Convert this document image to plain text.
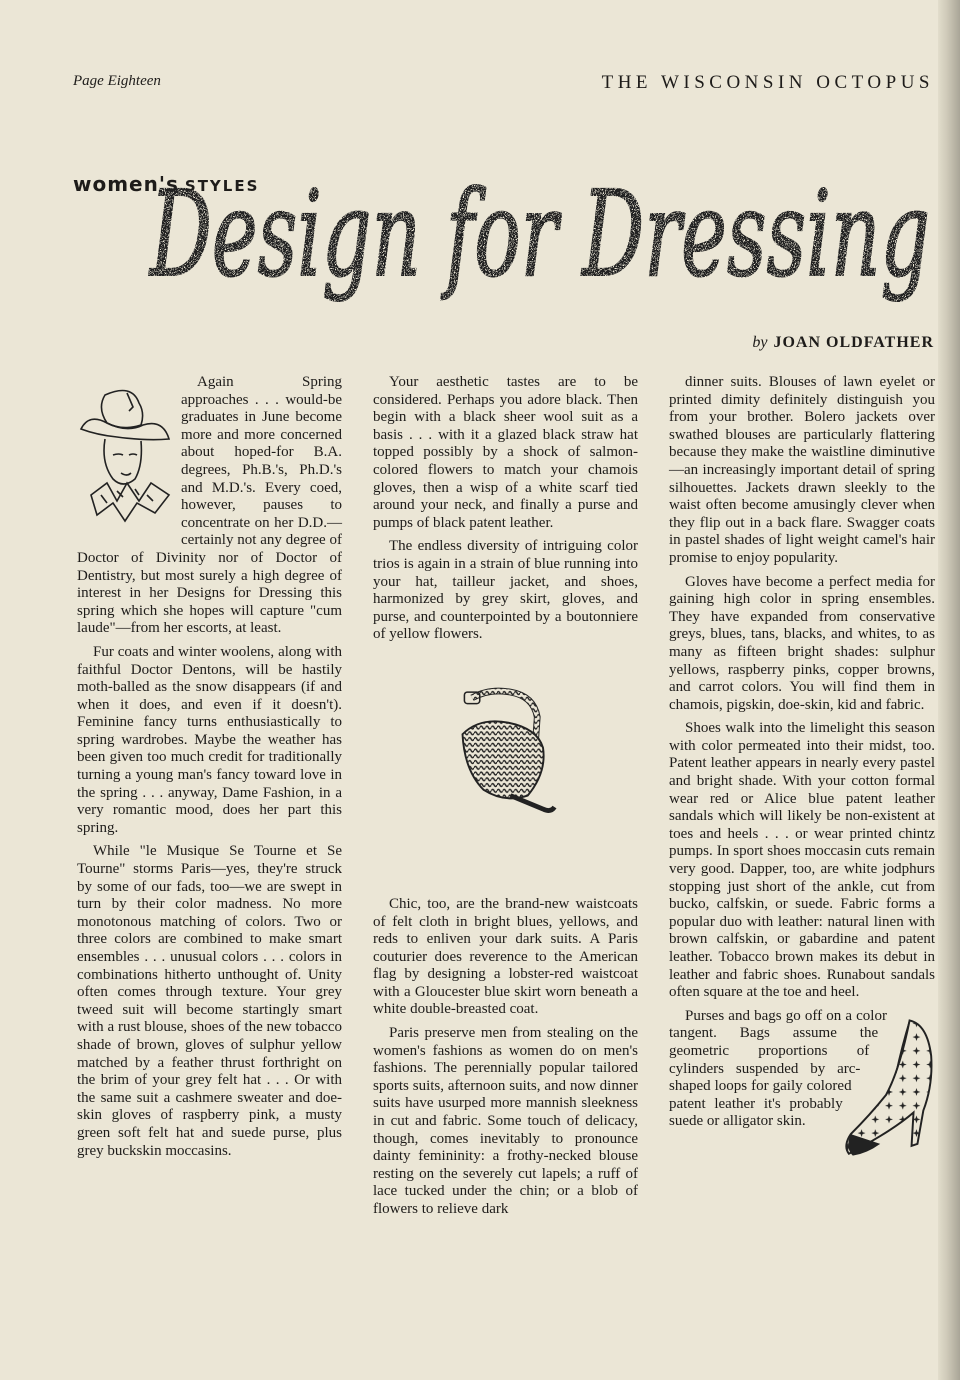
Page Eighteen	THE WISCONSIN OCTOPUS
women's STYLES
Design for Dressing
by JOAN OLDFATHER

Again Spring approaches . . . would-be graduates in June become more and more concerned about hoped-for B.A. degrees, Ph.B.'s, Ph.D.'s and M.D.'s. Every coed, however, pauses to concentrate on her D.D.—certainly not any degree of Doctor of Divinity nor of Doctor of Dentistry, but most surely a high degree of interest in her Designs for Dressing this spring which she hopes will capture "cum laude"—from her escorts, at least.

Fur coats and winter woolens, along with faithful Doctor Dentons, will be hastily moth-balled as the snow disappears (if and when it does, and even if it doesn't). Feminine fancy turns enthusiastically to spring wardrobes. Maybe the weather has been given too much credit for traditionally turning a young man's fancy toward love in the spring . . . anyway, Dame Fashion, in a very romantic mood, does her part this spring.

While "le Musique Se Tourne et Se Tourne" storms Paris—yes, they're struck by some of our fads, too—we are swept in turn by their color madness. No more monotonous matching of colors. Two or three colors are combined to make smart ensembles . . . unusual colors . . . colors in combinations hitherto unthought of. Unity often comes through texture. Your grey tweed suit will become startingly smart with a rust blouse, shoes of the new tobacco shade of brown, gloves of sulphur yellow matched by a feather thrust forthright on the brim of your grey felt hat . . . Or with the same suit a cashmere sweater and doe-skin gloves of raspberry pink, a musty green soft felt hat and suede purse, plus grey buckskin moccasins.

Your aesthetic tastes are to be considered. Perhaps you adore black. Then begin with a black sheer wool suit as a basis . . . with it a glazed black straw hat topped possibly by a shock of salmon-colored flowers to match your chamois gloves, then a wisp of a white scarf tied around your neck, and finally a purse and pumps of black patent leather.

The endless diversity of intriguing color trios is again in a strain of blue running into your hat, tailleur jacket, and shoes, harmonized by grey skirt, gloves, and purse, and counterpointed by a boutonniere of yellow flowers.

Chic, too, are the brand-new waistcoats of felt cloth in bright blues, yellows, and reds to enliven your dark suits. A Paris couturier does reverence to the American flag by designing a lobster-red waistcoat with a Gloucester blue skirt worn beneath a white double-breasted coat.

Paris preserve men from stealing on the women's fashions as women do on men's fashions. The perennially popular tailored sports suits, afternoon suits, and now dinner suits have usurped more mannish sleekness in cut and fabric. Some touch of delicacy, though, comes inevitably to pronounce dainty femininity: a frothy-necked blouse resting on the severely cut lapels; a ruff of lace tucked under the chin; or a blob of flowers to relieve dark

dinner suits. Blouses of lawn eyelet or printed dimity definitely distinguish you from your brother. Bolero jackets over swathed blouses are particularly flattering because they make the waistline diminutive —an increasingly important detail of spring silhouettes. Jackets drawn sleekly to the waist often become amusingly clever when they flip out in a back flare. Swagger coats in pastel shades of light weight camel's hair promise to enjoy popularity.

Gloves have become a perfect media for gaining high color in spring ensembles. They have expanded from conservative greys, blues, tans, blacks, and whites, to as many as fifteen bright shades: sulphur yellows, raspberry pinks, copper browns, and carrot colors. You will find them in chamois, pigskin, doe-skin, kid and fabric.

Shoes walk into the limelight this season with color permeated into their midst, too. Patent leather appears in nearly every pastel and bright shade. With your cotton formal wear red or Alice blue patent leather sandals which will likely be non-existent at toes and heels . . . or wear printed chintz pumps. In sport shoes moccasin cuts remain very good. Dapper, too, are white jodphurs stopping just short of the ankle, cut from bucko, calfskin, or suede. Fabric forms a popular duo with leather: natural linen with brown calfskin, or gabardine and patent leather. Tobacco brown makes its debut in leather and fabric shoes. Runabout sandals often square at the toe and heel.

Purses and bags go off on a color tangent. Bags assume the geometric proportions of cylinders suspended by arc-shaped loops for gaily colored patent leather it's probably suede or alligator skin.
